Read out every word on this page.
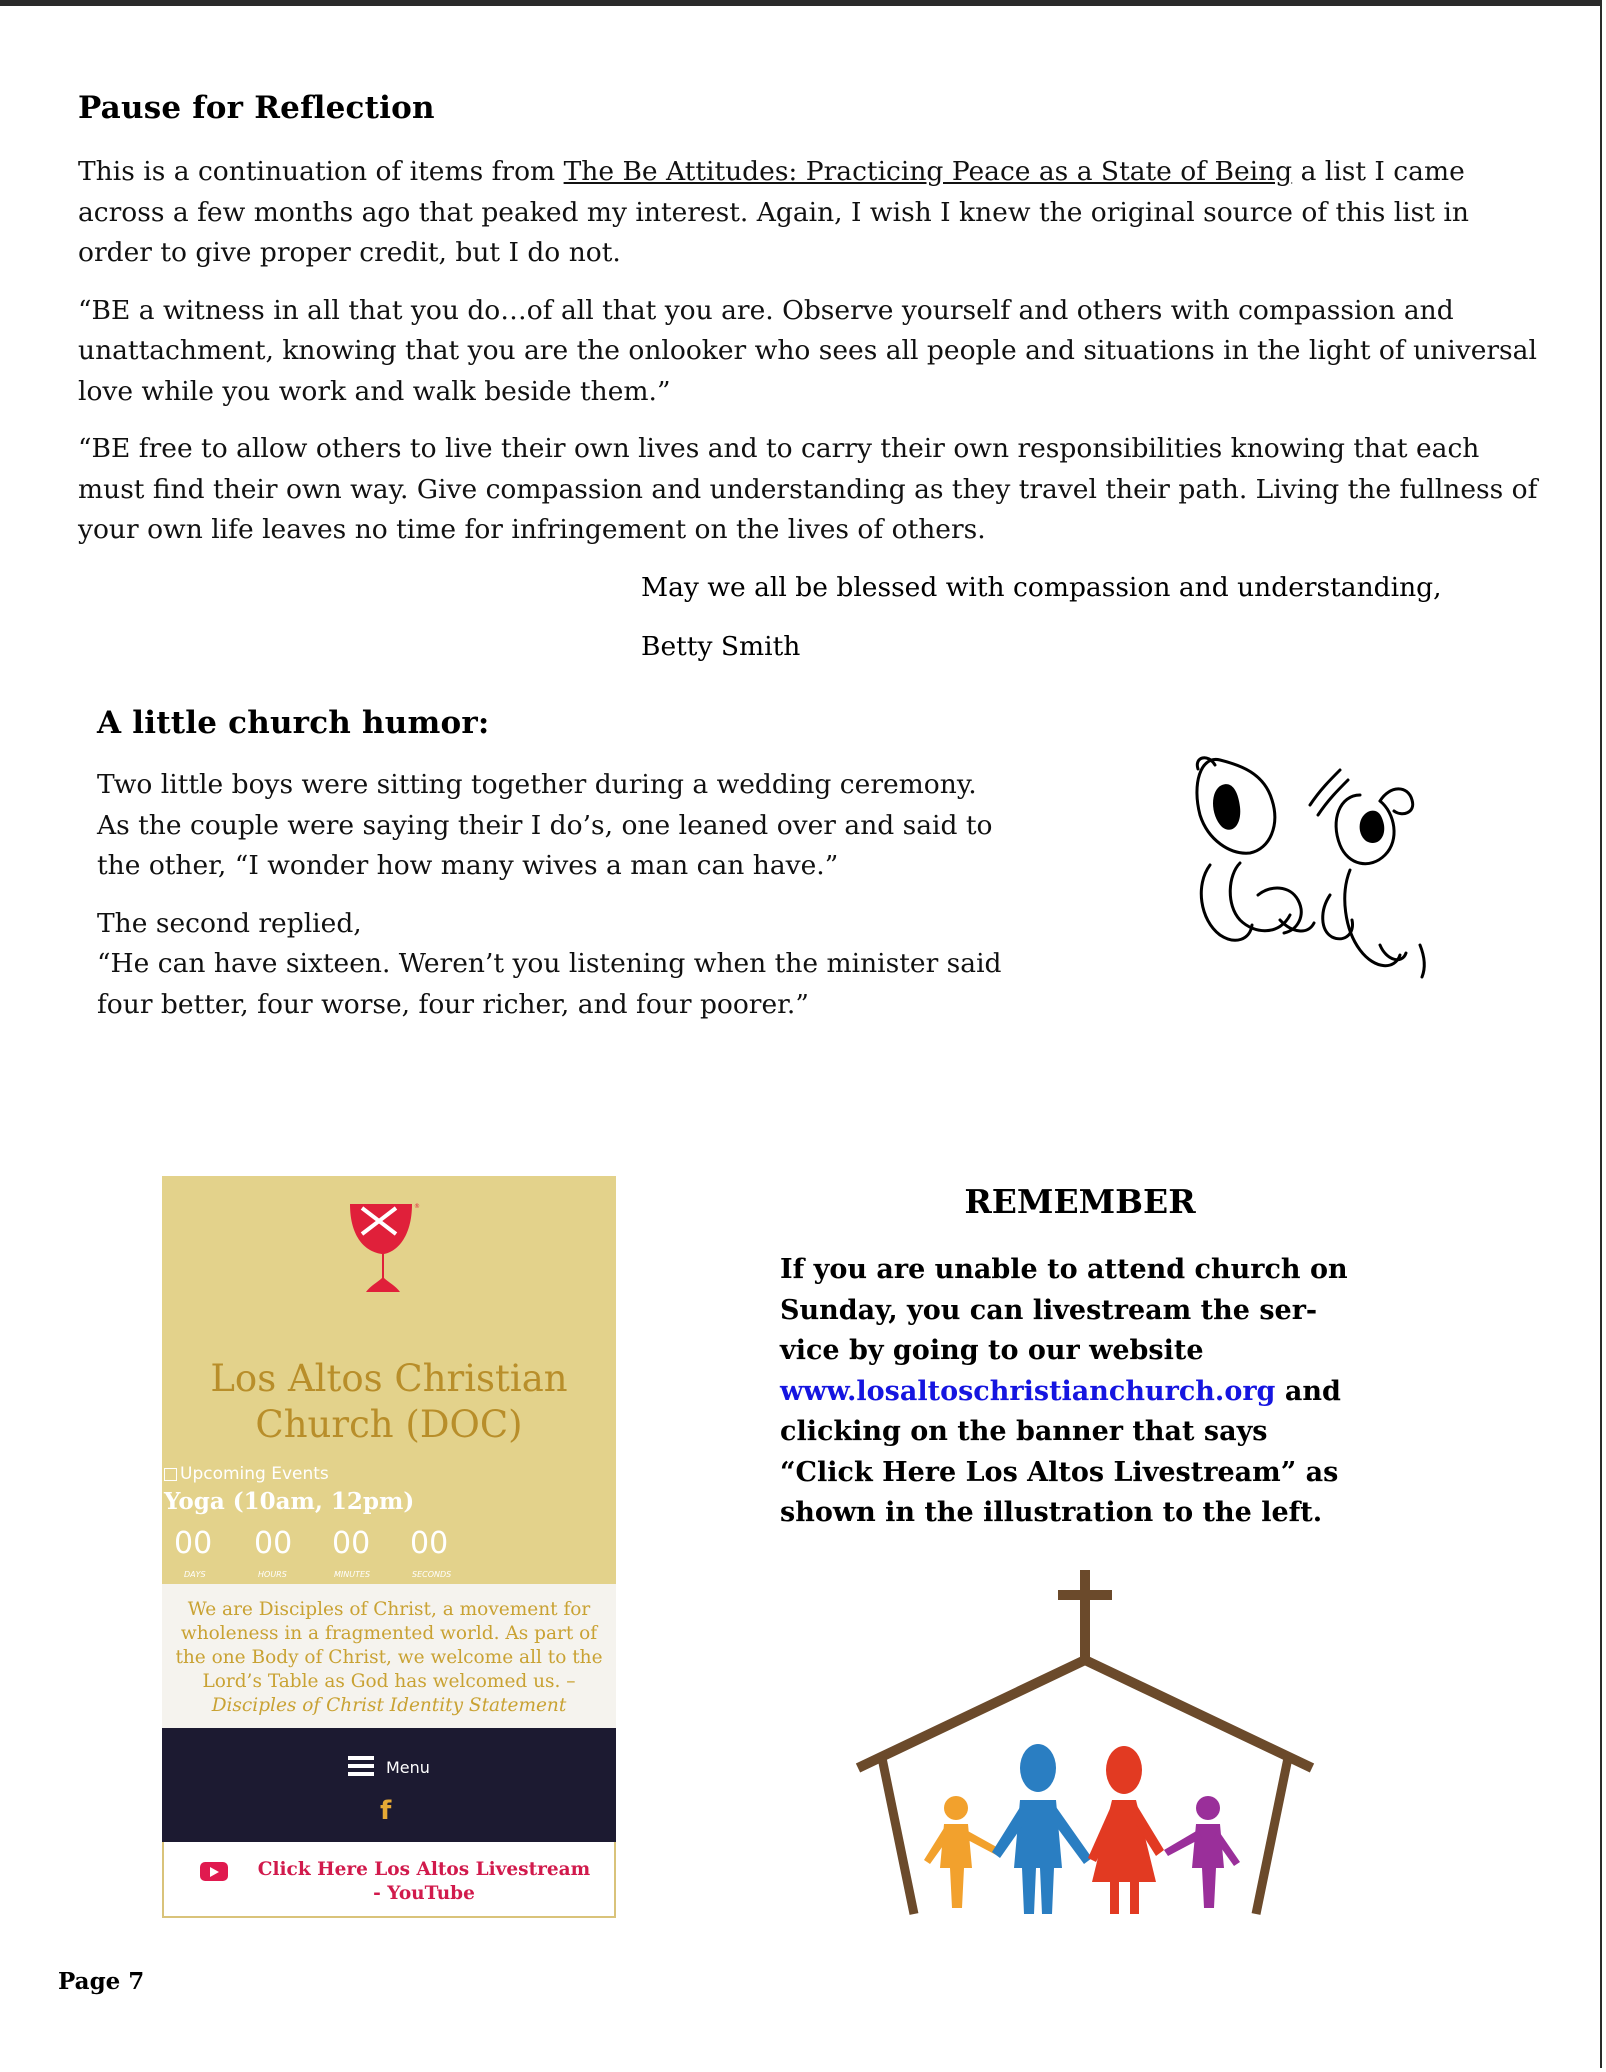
Pause for Reflection

This is a continuation of items from The Be Attitudes: Practicing Peace as a State of Being a list I came across a few months ago that peaked my interest. Again, I wish I knew the original source of this list in order to give proper credit, but I do not.

“BE a witness in all that you do…of all that you are. Observe yourself and others with compassion and unattachment, knowing that you are the onlooker who sees all people and situations in the light of universal love while you work and walk beside them.”

“BE free to allow others to live their own lives and to carry their own responsibilities knowing that each must find their own way. Give compassion and understanding as they travel their path. Living the fullness of your own life leaves no time for infringement on the lives of others.

May we all be blessed with compassion and understanding,
Betty Smith
A little church humor:
Two little boys were sitting together during a wedding ceremony.
As the couple were saying their I do’s, one leaned over and said to
the other, “I wonder how many wives a man can have.”
The second replied,
“He can have sixteen. Weren’t you listening when the minister said
four better, four worse, four richer, and four poorer.”
®
Los Altos Christian
Church (DOC)
Upcoming Events
Yoga (10am, 12pm)
00 00 00 00
DAYS	HOURS	MINUTES	SECONDS
We are Disciples of Christ, a movement for wholeness in a fragmented world. As part of the one Body of Christ, we welcome all to the Lord’s Table as God has welcomed us. – Disciples of Christ Identity Statement
Menu
f
Click Here Los Altos Livestream
- YouTube
REMEMBER
If you are unable to attend church on
Sunday, you can livestream the ser-
vice by going to our website
www.losaltoschristianchurch.org and
clicking on the banner that says
“Click Here Los Altos Livestream” as
shown in the illustration to the left.
Page 7
